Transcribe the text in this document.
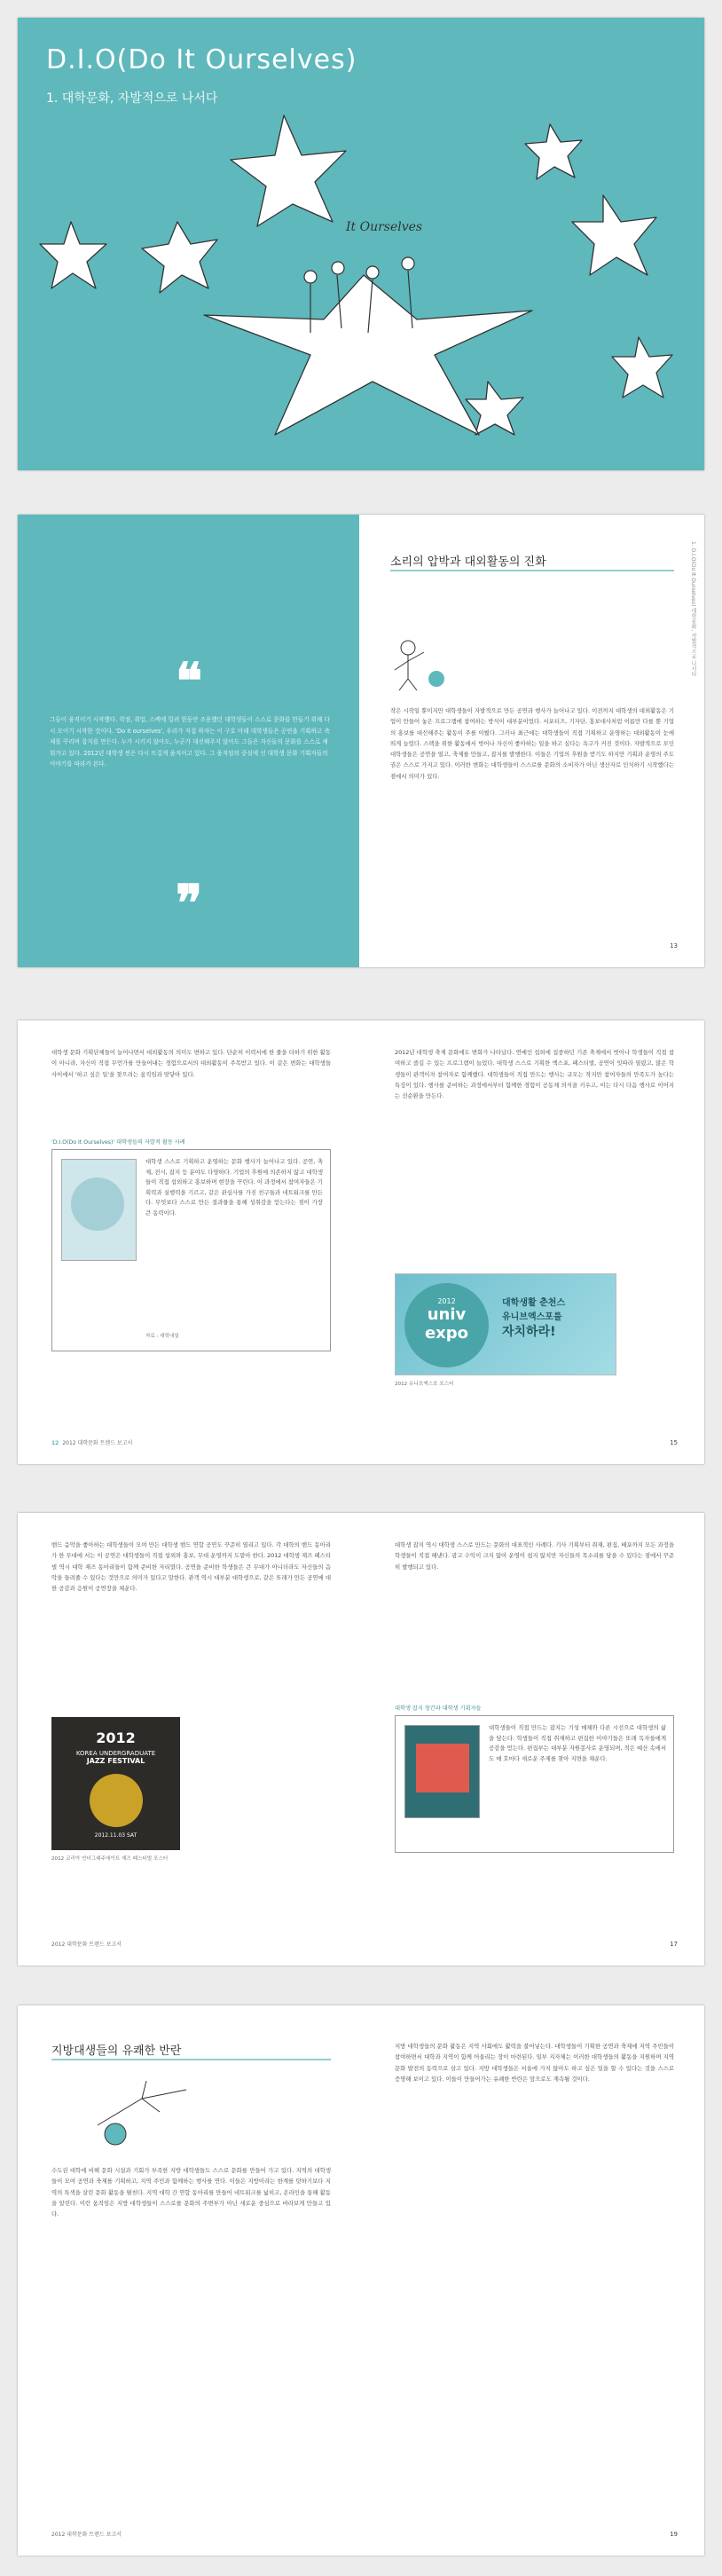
It Ourselves
D.I.O(Do It Ourselves)
1. 대학문화, 자발적으로 나서다
❝
그들이 움직이기 시작했다. 학점, 취업, 스펙에 밀려 한동안 조용했던 대학생들이 스스로 문화를 만들기 위해 다시 모이기 시작한 것이다. 'Do it ourselves', 우리가 직접 하자는 이 구호 아래 대학생들은 공연을 기획하고 축제를 꾸리며 잡지를 만든다. 누가 시키지 않아도, 누군가 대신해주지 않아도 그들은 자신들의 문화를 스스로 채워가고 있다. 2012년 대학생 씬은 다시 뜨겁게 움직이고 있다. 그 움직임의 중심에 선 대학생 문화 기획자들의 이야기를 따라가 본다.
❞
소리의 압박과 대외활동의 진화
작은 시작일 뿐이지만 대학생들이 자발적으로 만든 공연과 행사가 늘어나고 있다. 이전까지 대학생의 대외활동은 기업이 만들어 놓은 프로그램에 참여하는 방식이 대부분이었다. 서포터즈, 기자단, 홍보대사처럼 이름만 다를 뿐 기업의 홍보를 대신해주는 활동이 주를 이뤘다. 그러나 최근에는 대학생들이 직접 기획하고 운영하는 대외활동이 눈에 띄게 늘었다. 스펙을 위한 활동에서 벗어나 자신이 좋아하는 일을 하고 싶다는 욕구가 커진 것이다. 자발적으로 모인 대학생들은 공연을 열고, 축제를 만들고, 잡지를 발행한다. 이들은 기업의 후원을 받기도 하지만 기획과 운영의 주도권은 스스로 가지고 있다. 이러한 변화는 대학생들이 스스로를 문화의 소비자가 아닌 생산자로 인식하기 시작했다는 점에서 의미가 있다.
1. D.I.O(Do It Ourselves) 대학문화, 자발적으로 나서다
13
대학생 문화 기획단체들이 늘어나면서 대외활동의 의미도 변하고 있다. 단순히 이력서에 한 줄을 더하기 위한 활동이 아니라, 자신이 직접 무언가를 만들어내는 경험으로서의 대외활동이 주목받고 있다. 이 같은 변화는 대학생들 사이에서 '하고 싶은 일'을 찾으려는 움직임과 맞닿아 있다.
'D.I.O(Do It Ourselves)' 대학생들의 자발적 활동 사례
대학생 스스로 기획하고 운영하는 문화 행사가 늘어나고 있다. 공연, 축제, 전시, 잡지 등 분야도 다양하다. 기업의 후원에 의존하지 않고 대학생들이 직접 섭외하고 홍보하며 현장을 꾸린다. 이 과정에서 참여자들은 기획력과 실행력을 기르고, 같은 관심사를 가진 친구들과 네트워크를 만든다. 무엇보다 스스로 만든 결과물을 통해 성취감을 얻는다는 점이 가장 큰 동력이다.
자료 : 대학내일
12 2012 대학문화 트렌드 보고서
2012년 대학생 축제 문화에도 변화가 나타났다. 연예인 섭외에 집중하던 기존 축제에서 벗어나 학생들이 직접 참여하고 즐길 수 있는 프로그램이 늘었다. 대학생 스스로 기획한 엑스포, 페스티벌, 공연이 잇따라 열렸고, 많은 학생들이 관객이자 참여자로 함께했다. 대학생들이 직접 만드는 행사는 규모는 작지만 참여자들의 만족도가 높다는 특징이 있다. 행사를 준비하는 과정에서부터 함께한 경험이 공동체 의식을 키우고, 이는 다시 다음 행사로 이어지는 선순환을 만든다.
2012
univ
expo
대학생활 춘천스
유니브엑스포를
자치하라!
2012 유니브엑스포 포스터
15
밴드 음악을 좋아하는 대학생들이 모여 만든 대학생 밴드 연합 공연도 꾸준히 열리고 있다. 각 대학의 밴드 동아리가 한 무대에 서는 이 공연은 대학생들이 직접 섭외와 홍보, 무대 운영까지 도맡아 한다. 2012 대학생 재즈 페스티벌 역시 대학 재즈 동아리들이 함께 준비한 자리였다. 공연을 준비한 학생들은 큰 무대가 아니더라도 자신들의 음악을 들려줄 수 있다는 것만으로 의미가 있다고 말한다. 관객 역시 대부분 대학생으로, 같은 또래가 만든 공연에 대한 공감과 응원이 공연장을 채운다.
2012
KOREA UNDERGRADUATE
JAZZ FESTIVAL
2012.11.03 SAT
2012 코리아 언더그래주에이트 재즈 페스티벌 포스터
2012 대학문화 트렌드 보고서
대학생 잡지 역시 대학생 스스로 만드는 문화의 대표적인 사례다. 기사 기획부터 취재, 편집, 배포까지 모든 과정을 학생들이 직접 해낸다. 광고 수익이 크지 않아 운영이 쉽지 않지만 자신들의 목소리를 담을 수 있다는 점에서 꾸준히 발행되고 있다.
대학생 잡지 창간과 대학생 기획자들
대학생들이 직접 만드는 잡지는 기성 매체와 다른 시선으로 대학생의 삶을 담는다. 학생들이 직접 취재하고 편집한 이야기들은 또래 독자들에게 공감을 얻는다. 편집부는 대부분 자원봉사로 운영되며, 적은 예산 속에서도 매 호마다 새로운 주제를 찾아 지면을 채운다.
17
지방대생들의 유쾌한 반란
수도권 대학에 비해 문화 시설과 기회가 부족한 지방 대학생들도 스스로 문화를 만들어 가고 있다. 지역의 대학생들이 모여 공연과 축제를 기획하고, 지역 주민과 함께하는 행사를 연다. 이들은 지방이라는 한계를 탓하기보다 지역의 특색을 살린 문화 활동을 펼친다. 지역 대학 간 연합 동아리를 만들어 네트워크를 넓히고, 온라인을 통해 활동을 알린다. 이런 움직임은 지방 대학생들이 스스로를 문화의 주변부가 아닌 새로운 중심으로 바라보게 만들고 있다.
지방 대학생들의 문화 활동은 지역 사회에도 활력을 불어넣는다. 대학생들이 기획한 공연과 축제에 지역 주민들이 참여하면서 대학과 지역이 함께 어울리는 장이 마련된다. 일부 지자체는 이러한 대학생들의 활동을 지원하며 지역 문화 발전의 동력으로 삼고 있다. 지방 대학생들은 서울에 가지 않아도 하고 싶은 일을 할 수 있다는 것을 스스로 증명해 보이고 있다. 이들이 만들어가는 유쾌한 반란은 앞으로도 계속될 것이다.
2012 대학문화 트렌드 보고서	19
